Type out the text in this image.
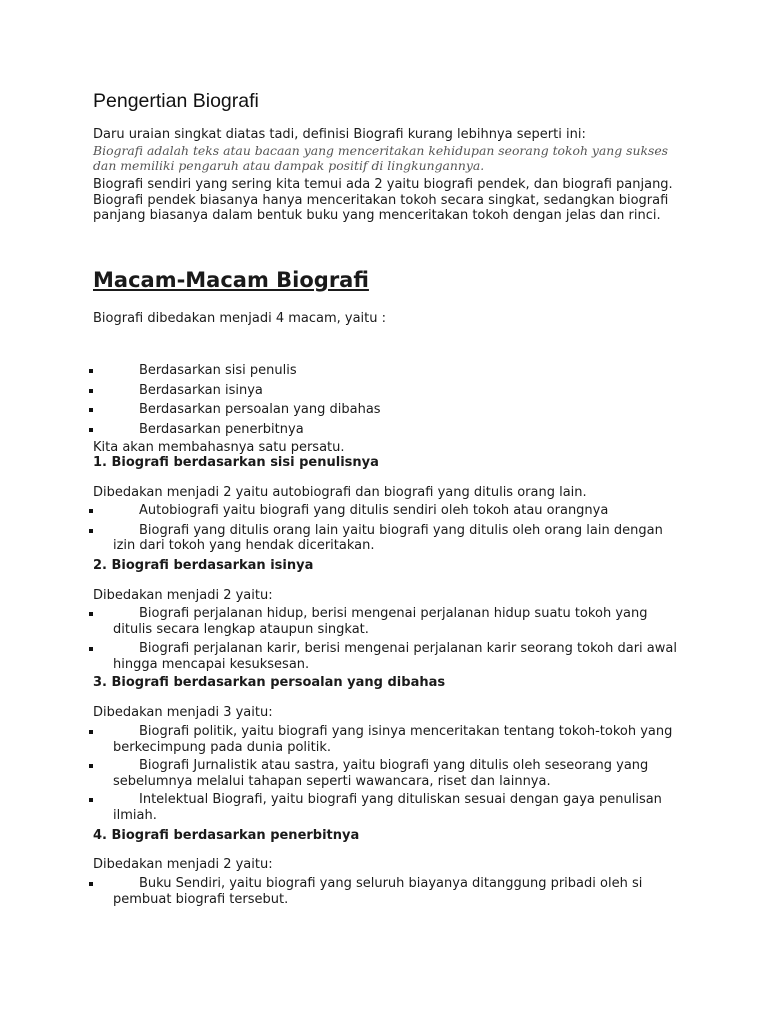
Pengertian Biografi

Daru uraian singkat diatas tadi, definisi Biografi kurang lebihnya seperti ini:

Biografi adalah teks atau bacaan yang menceritakan kehidupan seorang tokoh yang sukses dan memiliki pengaruh atau dampak positif di lingkungannya.

Biografi sendiri yang sering kita temui ada 2 yaitu biografi pendek, dan biografi panjang. Biografi pendek biasanya hanya menceritakan tokoh secara singkat, sedangkan biografi panjang biasanya dalam bentuk buku yang menceritakan tokoh dengan jelas dan rinci.

Macam-Macam Biografi

Biografi dibedakan menjadi 4 macam, yaitu :

Berdasarkan sisi penulis
Berdasarkan isinya
Berdasarkan persoalan yang dibahas
Berdasarkan penerbitnya

Kita akan membahasnya satu persatu.

1. Biografi berdasarkan sisi penulisnya

Dibedakan menjadi 2 yaitu autobiografi dan biografi yang ditulis orang lain.

Autobiografi yaitu biografi yang ditulis sendiri oleh tokoh atau orangnya
Biografi yang ditulis orang lain yaitu biografi yang ditulis oleh orang lain dengan izin dari tokoh yang hendak diceritakan.

2. Biografi berdasarkan isinya

Dibedakan menjadi 2 yaitu:

Biografi perjalanan hidup, berisi mengenai perjalanan hidup suatu tokoh yang ditulis secara lengkap ataupun singkat.
Biografi perjalanan karir, berisi mengenai perjalanan karir seorang tokoh dari awal hingga mencapai kesuksesan.

3. Biografi berdasarkan persoalan yang dibahas

Dibedakan menjadi 3 yaitu:

Biografi politik, yaitu biografi yang isinya menceritakan tentang tokoh-tokoh yang berkecimpung pada dunia politik.
Biografi Jurnalistik atau sastra, yaitu biografi yang ditulis oleh seseorang yang sebelumnya melalui tahapan seperti wawancara, riset dan lainnya.
Intelektual Biografi, yaitu biografi yang dituliskan sesuai dengan gaya penulisan ilmiah.

4. Biografi berdasarkan penerbitnya

Dibedakan menjadi 2 yaitu:

Buku Sendiri, yaitu biografi yang seluruh biayanya ditanggung pribadi oleh si pembuat biografi tersebut.
